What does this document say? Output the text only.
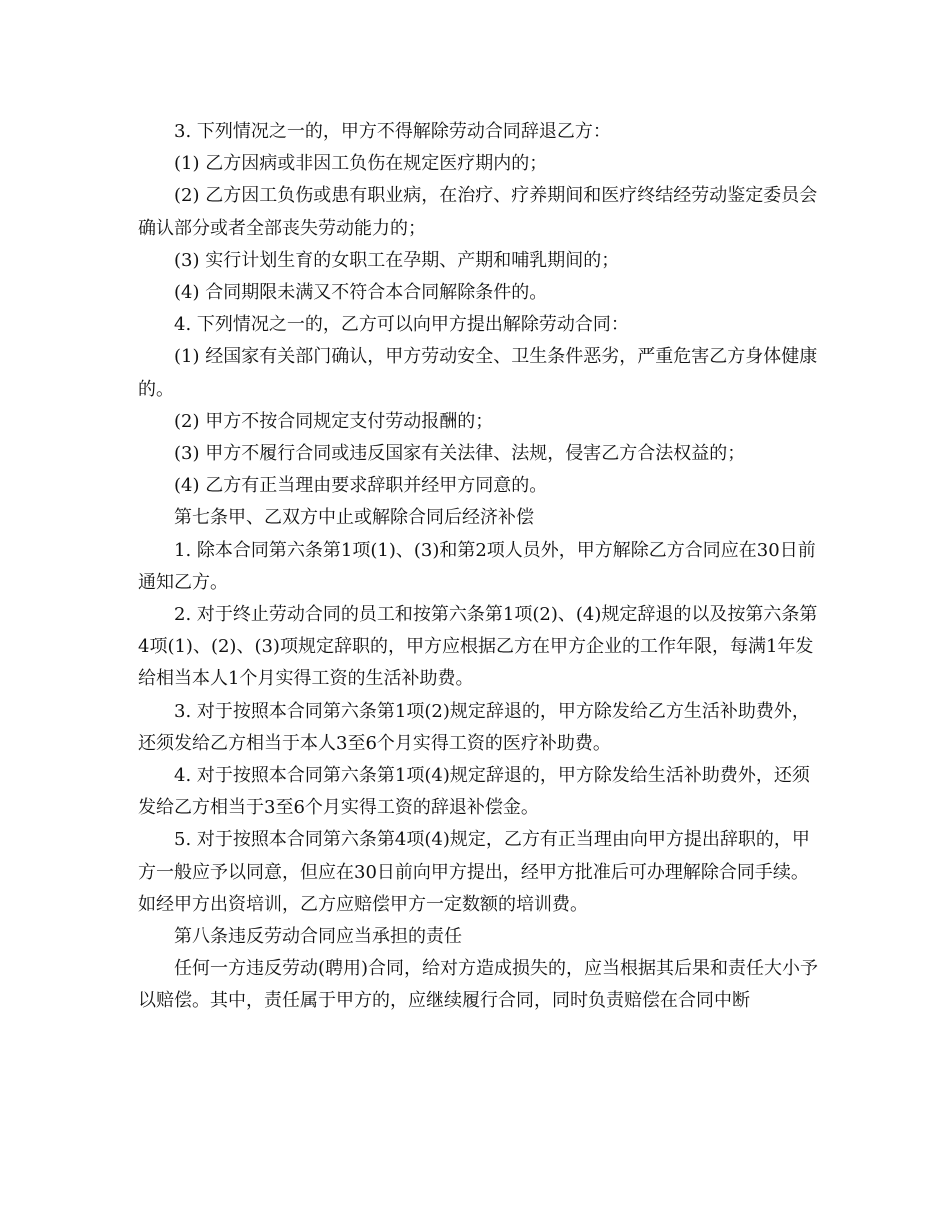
3. 下列情况之一的，甲方不得解除劳动合同辞退乙方：

(1) 乙方因病或非因工负伤在规定医疗期内的；

(2) 乙方因工负伤或患有职业病，在治疗、疗养期间和医疗终结经劳动鉴定委员会确认部分或者全部丧失劳动能力的；

(3) 实行计划生育的女职工在孕期、产期和哺乳期间的；

(4) 合同期限未满又不符合本合同解除条件的。

4. 下列情况之一的，乙方可以向甲方提出解除劳动合同：

(1) 经国家有关部门确认，甲方劳动安全、卫生条件恶劣，严重危害乙方身体健康的。

(2) 甲方不按合同规定支付劳动报酬的；

(3) 甲方不履行合同或违反国家有关法律、法规，侵害乙方合法权益的；

(4) 乙方有正当理由要求辞职并经甲方同意的。

第七条甲、乙双方中止或解除合同后经济补偿

1. 除本合同第六条第1项(1)、(3)和第2项人员外，甲方解除乙方合同应在30日前通知乙方。

2. 对于终止劳动合同的员工和按第六条第1项(2)、(4)规定辞退的以及按第六条第4项(1)、(2)、(3)项规定辞职的，甲方应根据乙方在甲方企业的工作年限，每满1年发给相当本人1个月实得工资的生活补助费。

3. 对于按照本合同第六条第1项(2)规定辞退的，甲方除发给乙方生活补助费外，还须发给乙方相当于本人3至6个月实得工资的医疗补助费。

4. 对于按照本合同第六条第1项(4)规定辞退的，甲方除发给生活补助费外，还须发给乙方相当于3至6个月实得工资的辞退补偿金。

5. 对于按照本合同第六条第4项(4)规定，乙方有正当理由向甲方提出辞职的，甲方一般应予以同意，但应在30日前向甲方提出，经甲方批准后可办理解除合同手续。如经甲方出资培训，乙方应赔偿甲方一定数额的培训费。

第八条违反劳动合同应当承担的责任

任何一方违反劳动(聘用)合同，给对方造成损失的，应当根据其后果和责任大小予以赔偿。其中，责任属于甲方的，应继续履行合同，同时负责赔偿在合同中断
